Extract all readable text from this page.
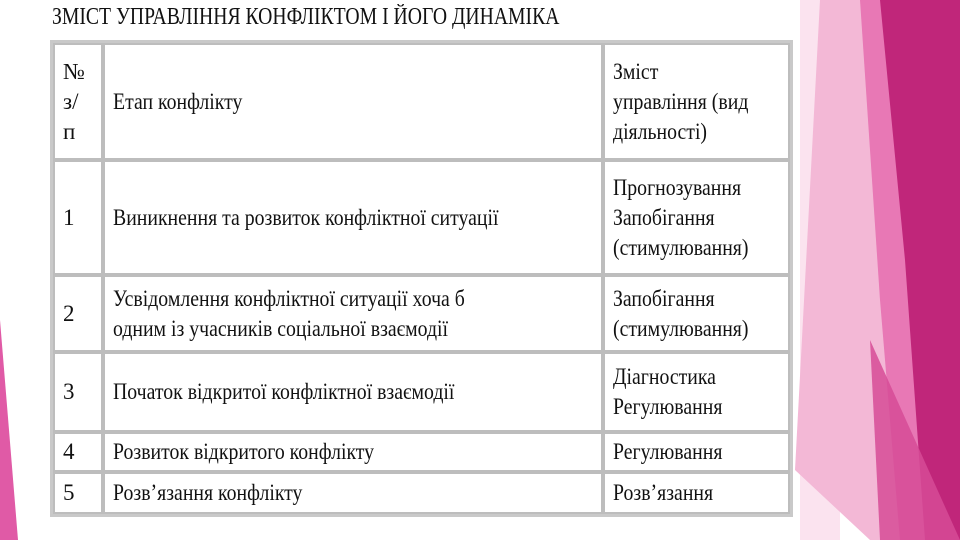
ЗМІСТ УПРАВЛІННЯ КОНФЛІКТОМ І ЙОГО ДИНАМІКА
№
з/
п	Етап конфлікту	Зміст
управління (вид
діяльності)

1	Виникнення та розвиток конфліктної ситуації	Прогнозування
Запобігання
(стимулювання)

2	Усвідомлення конфліктної ситуації хоча б
одним із учасників соціальної взаємодії	Запобігання
(стимулювання)

3	Початок відкритої конфліктної взаємодії	Діагностика
Регулювання

4	Розвиток відкритого конфлікту	Регулювання
5	Розв’язання конфлікту	Розв’язання
